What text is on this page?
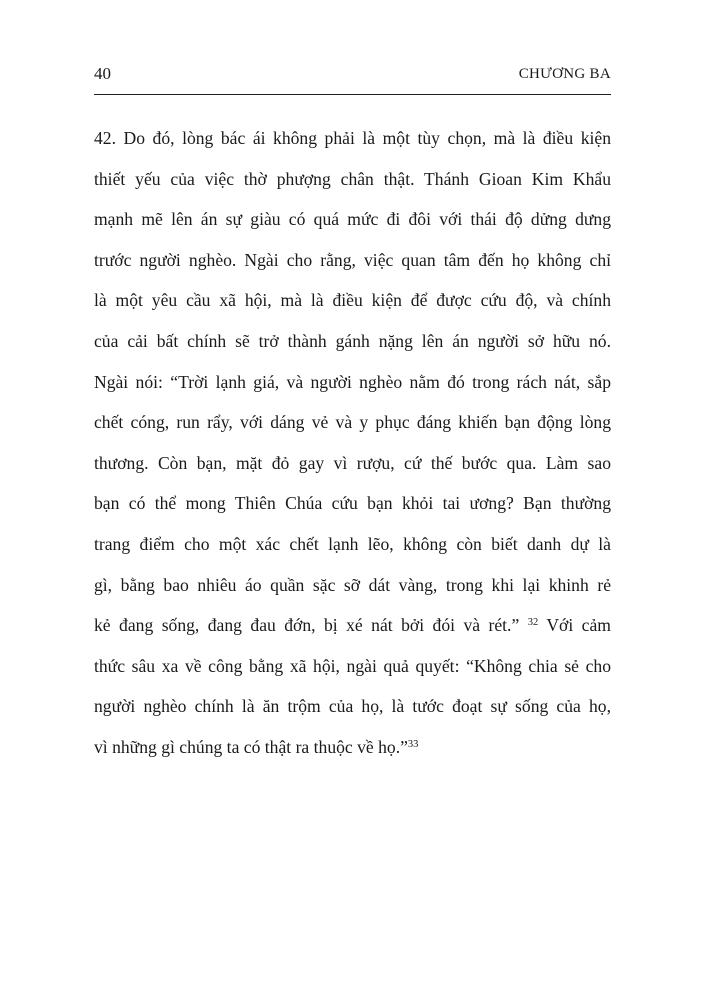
40	CHƯƠNG BA
42. Do đó, lòng bác ái không phải là một tùy chọn, mà là điều kiện
thiết yếu của việc thờ phượng chân thật. Thánh Gioan Kim Khẩu
mạnh mẽ lên án sự giàu có quá mức đi đôi với thái độ dửng dưng
trước người nghèo. Ngài cho rằng, việc quan tâm đến họ không chỉ
là một yêu cầu xã hội, mà là điều kiện để được cứu độ, và chính
của cải bất chính sẽ trở thành gánh nặng lên án người sở hữu nó.
Ngài nói: “Trời lạnh giá, và người nghèo nằm đó trong rách nát, sắp
chết cóng, run rẩy, với dáng vẻ và y phục đáng khiến bạn động lòng
thương. Còn bạn, mặt đỏ gay vì rượu, cứ thế bước qua. Làm sao
bạn có thể mong Thiên Chúa cứu bạn khỏi tai ương? Bạn thường
trang điểm cho một xác chết lạnh lẽo, không còn biết danh dự là
gì, bằng bao nhiêu áo quần sặc sỡ dát vàng, trong khi lại khinh rẻ
kẻ đang sống, đang đau đớn, bị xé nát bởi đói và rét.” $^{32}$ Với cảm
thức sâu xa về công bằng xã hội, ngài quả quyết: “Không chia sẻ cho
người nghèo chính là ăn trộm của họ, là tước đoạt sự sống của họ,
vì những gì chúng ta có thật ra thuộc về họ.”$^{33}$
